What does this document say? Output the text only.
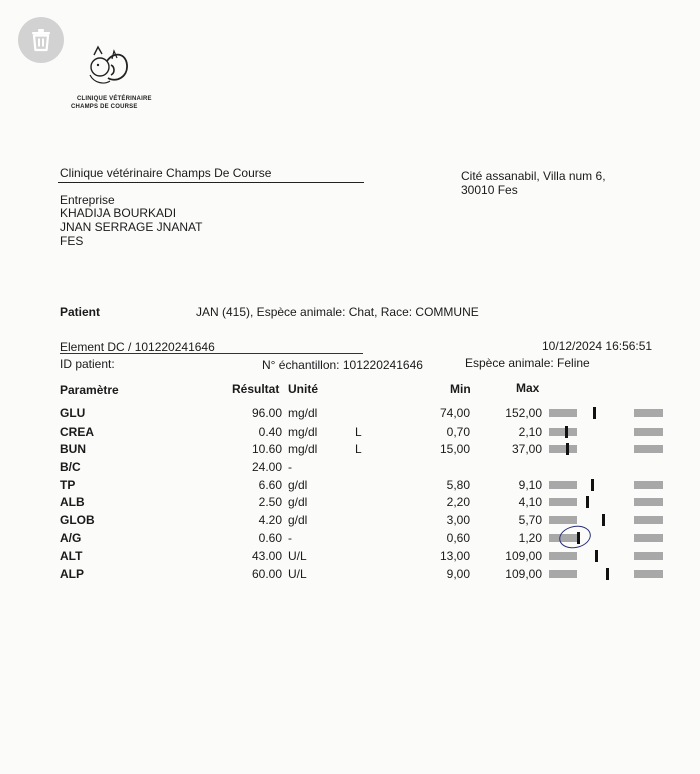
CLINIQUE VÉTÉRINAIRE
CHAMPS DE COURSE
Clinique vétérinaire Champs De Course	Cité assanabil, Villa num 6,
30010 Fes
Entreprise
KHADIJA BOURKADI
JNAN SERRAGE JNANAT
FES
Patient	JAN (415), Espèce animale: Chat, Race: COMMUNE
Element DC / 101220241646	10/12/2024 16:56:51
ID patient:	N° échantillon: 101220241646	Espèce animale: Feline
Paramètre	Résultat Unité	Min	Max
GLU	96.00 mg/dl	74,00	152,00
CREA	0.40 mg/dl	L	0,70	2,10
BUN	10.60 mg/dl	L	15,00	37,00
B/C	24.00 -
TP	6.60 g/dl	5,80	9,10
ALB	2.50 g/dl	2,20	4,10
GLOB	4.20 g/dl	3,00	5,70
A/G	0.60 -	0,60	1,20
ALT	43.00 U/L	13,00	109,00
ALP	60.00 U/L	9,00	109,00
